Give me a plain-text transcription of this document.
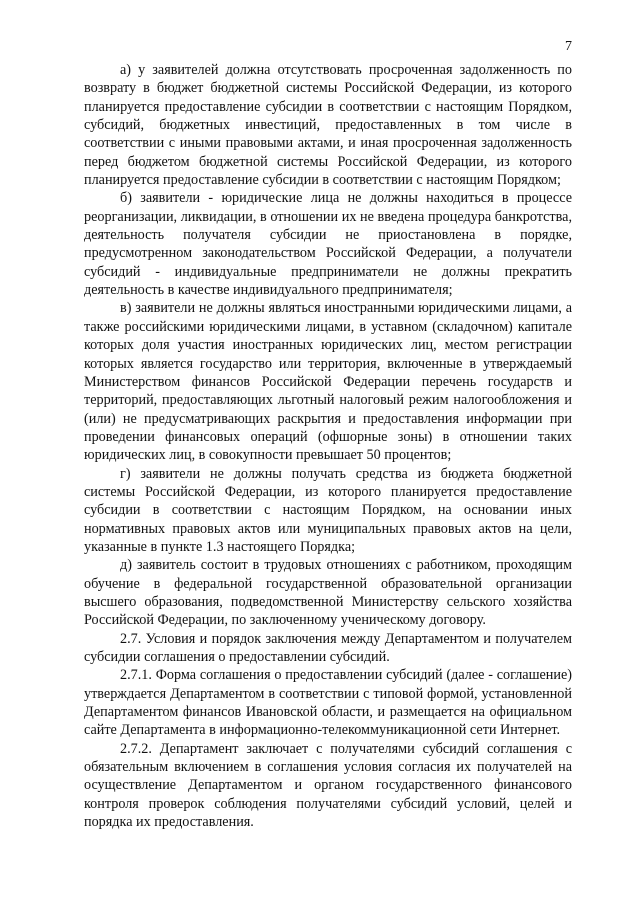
7

а) у заявителей должна отсутствовать просроченная задолженность по возврату в бюджет бюджетной системы Российской Федерации, из которого планируется предоставление субсидии в соответствии с настоящим Порядком, субсидий, бюджетных инвестиций, предоставленных в том числе в соответствии с иными правовыми актами, и иная просроченная задолженность перед бюджетом бюджетной системы Российской Федерации, из которого планируется предоставление субсидии в соответствии с настоящим Порядком;

б) заявители - юридические лица не должны находиться в процессе реорганизации, ликвидации, в отношении их не введена процедура банкротства, деятельность получателя субсидии не приостановлена в порядке, предусмотренном законодательством Российской Федерации, а получатели субсидий - индивидуальные предприниматели не должны прекратить деятельность в качестве индивидуального предпринимателя;

в) заявители не должны являться иностранными юридическими лицами, а также российскими юридическими лицами, в уставном (складочном) капитале которых доля участия иностранных юридических лиц, местом регистрации которых является государство или территория, включенные в утверждаемый Министерством финансов Российской Федерации перечень государств и территорий, предоставляющих льготный налоговый режим налогообложения и (или) не предусматривающих раскрытия и предоставления информации при проведении финансовых операций (офшорные зоны) в отношении таких юридических лиц, в совокупности превышает 50 процентов;

г) заявители не должны получать средства из бюджета бюджетной системы Российской Федерации, из которого планируется предоставление субсидии в соответствии с настоящим Порядком, на основании иных нормативных правовых актов или муниципальных правовых актов на цели, указанные в пункте 1.3 настоящего Порядка;

д) заявитель состоит в трудовых отношениях с работником, проходящим обучение в федеральной государственной образовательной организации высшего образования, подведомственной Министерству сельского хозяйства Российской Федерации, по заключенному ученическому договору.

2.7. Условия и порядок заключения между Департаментом и получателем субсидии соглашения о предоставлении субсидий.

2.7.1. Форма соглашения о предоставлении субсидий (далее - соглашение) утверждается Департаментом в соответствии с типовой формой, установленной Департаментом финансов Ивановской области, и размещается на официальном сайте Департамента в информационно-телекоммуникационной сети Интернет.

2.7.2. Департамент заключает с получателями субсидий соглашения с обязательным включением в соглашения условия согласия их получателей на осуществление Департаментом и органом государственного финансового контроля проверок соблюдения получателями субсидий условий, целей и порядка их предоставления.
